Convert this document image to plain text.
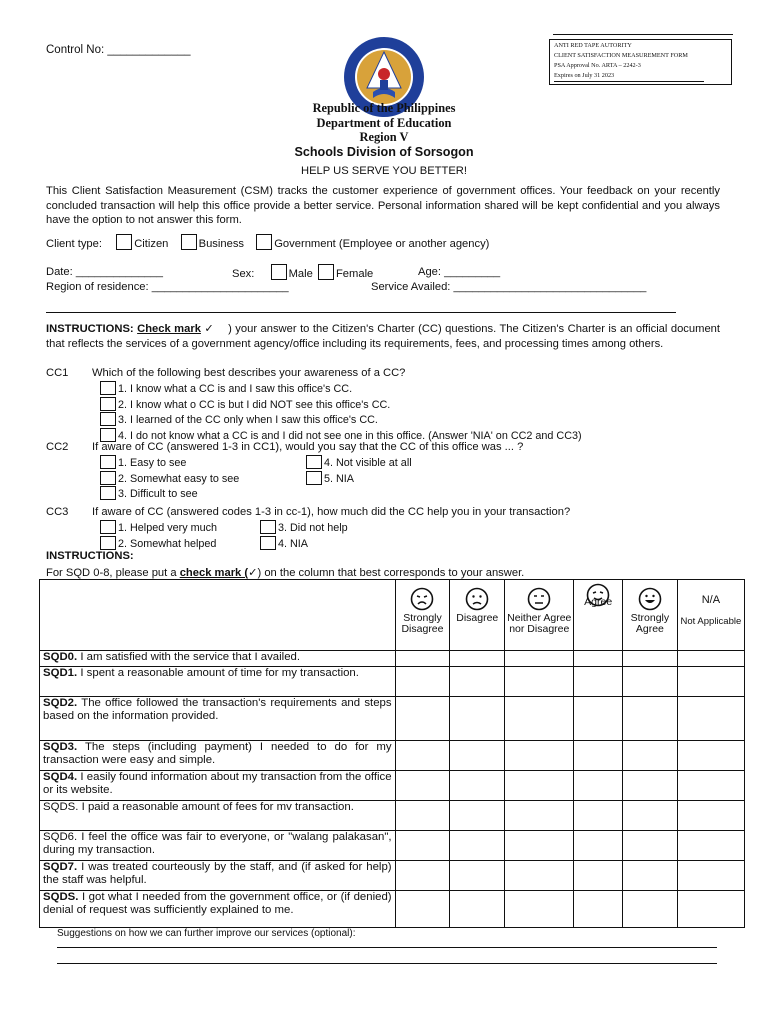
Control No: _____________	ANTI RED TAPE AUTORITY
CLIENT SATISFACTION MEASUREMENT FORM
PSA Approval No. ARTA – 2242-3
Expires on July 31 2023
Republic of the Philippines
Department of Education
Region V
Schools Division of Sorsogon
HELP US SERVE YOU BETTER!
This Client Satisfaction Measurement (CSM) tracks the customer experience of government offices. Your feedback on your recently concluded transaction will help this office provide a better service. Personal information shared will be kept confidential and you always have the option to not answer this form.
Client type:	Citizen	Business	Government (Employee or another agency)
Date: ______________	Sex:	Male Female	Age: _________
Region of residence: ______________________	Service Availed: _______________________________
INSTRUCTIONS: Check mark ✓    ) your answer to the Citizen's Charter (CC) questions. The Citizen's Charter is an official document that reflects the services of a government agency/office including its requirements, fees, and processing times among others.
CC1 Which of the following best describes your awareness of a CC?
1. I know what a CC is and I saw this office's CC.
2. I know what o CC is but I did NOT see this office's CC.
3. I learned of the CC only when I saw this office's CC.
4. I do not know what a CC is and I did not see one in this office. (Answer 'NIA' on CC2 and CC3)
CC2 If aware of CC (answered 1-3 in CC1), would you say that the CC of this office was ... ?
1. Easy to see
2. Somewhat easy to see
3. Difficult to see
4. Not visible at all
5. NIA
CC3 If aware of CC (answered codes 1-3 in cc-1), how much did the CC help you in your transaction?
1. Helped very much
2. Somewhat helped
3. Did not help
4. NIA
INSTRUCTIONS:
For SQD 0-8, please put a check mark (✓) on the column that best corresponds to your answer.

	Strongly Disagree	Disagree	Neither Agree nor Disagree	Agree	Strongly Agree	N/A
Not Applicable

SQD0. I am satisfied with the service that I availed.						
SQD1. I spent a reasonable amount of time for my transaction.						
SQD2. The office followed the transaction's requirements and steps based on the information provided.						
SQD3. The steps (including payment) I needed to do for my transaction were easy and simple.						
SQD4. I easily found information about my transaction from the office or its website.						
SQDS. I paid a reasonable amount of fees for mv transaction.						
SQD6. I feel the office was fair to everyone, or "walang palakasan", during my transaction.						
SQD7. I was treated courteously by the staff, and (if asked for help) the staff was helpful.						
SQDS. I got what I needed from the government office, or (if denied) denial of request was sufficiently explained to me.						
Suggestions on how we can further improve our services (optional):
